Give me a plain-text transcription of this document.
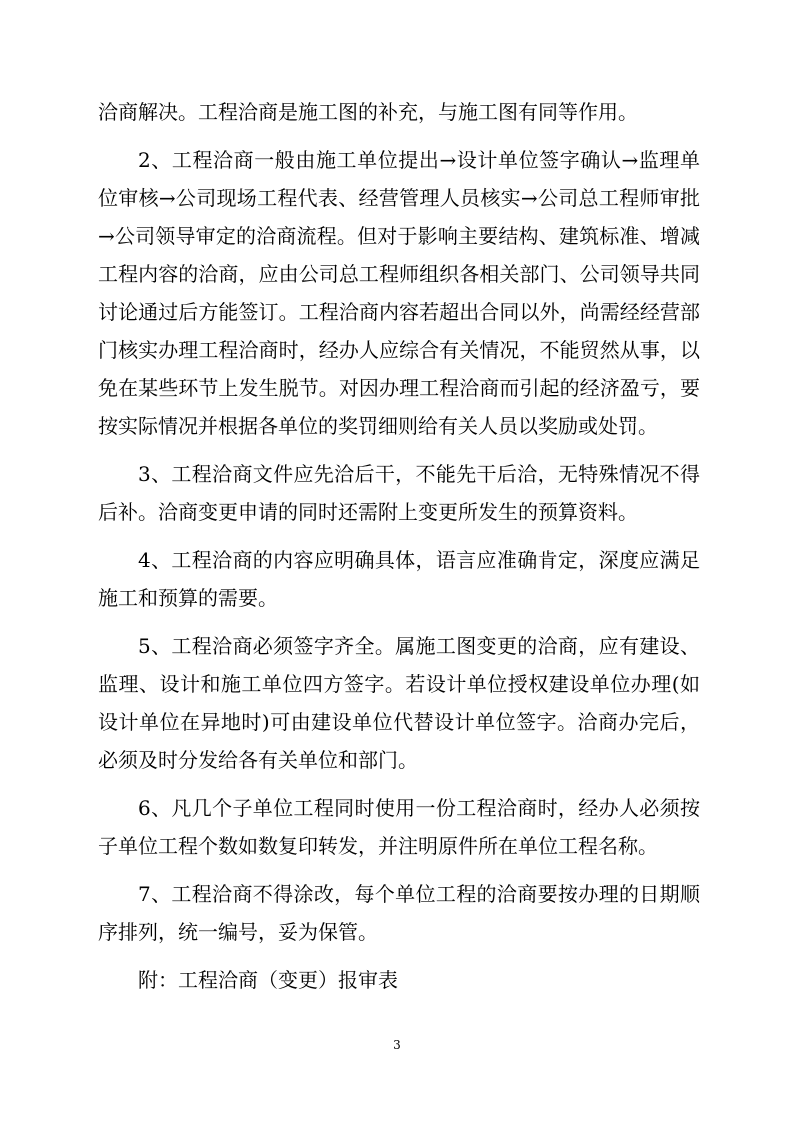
洽商解决。工程洽商是施工图的补充，与施工图有同等作用。

2、工程洽商一般由施工单位提出→设计单位签字确认→监理单位审核→公司现场工程代表、经营管理人员核实→公司总工程师审批→公司领导审定的洽商流程。但对于影响主要结构、建筑标准、增减工程内容的洽商，应由公司总工程师组织各相关部门、公司领导共同讨论通过后方能签订。工程洽商内容若超出合同以外，尚需经经营部门核实办理工程洽商时，经办人应综合有关情况，不能贸然从事，以免在某些环节上发生脱节。对因办理工程洽商而引起的经济盈亏，要按实际情况并根据各单位的奖罚细则给有关人员以奖励或处罚。

3、工程洽商文件应先洽后干，不能先干后洽，无特殊情况不得后补。洽商变更申请的同时还需附上变更所发生的预算资料。

4、工程洽商的内容应明确具体，语言应准确肯定，深度应满足施工和预算的需要。

5、工程洽商必须签字齐全。属施工图变更的洽商，应有建设、监理、设计和施工单位四方签字。若设计单位授权建设单位办理(如设计单位在异地时)可由建设单位代替设计单位签字。洽商办完后，必须及时分发给各有关单位和部门。

6、凡几个子单位工程同时使用一份工程洽商时，经办人必须按子单位工程个数如数复印转发，并注明原件所在单位工程名称。

7、工程洽商不得涂改，每个单位工程的洽商要按办理的日期顺序排列，统一编号，妥为保管。

附：工程洽商（变更）报审表

3
